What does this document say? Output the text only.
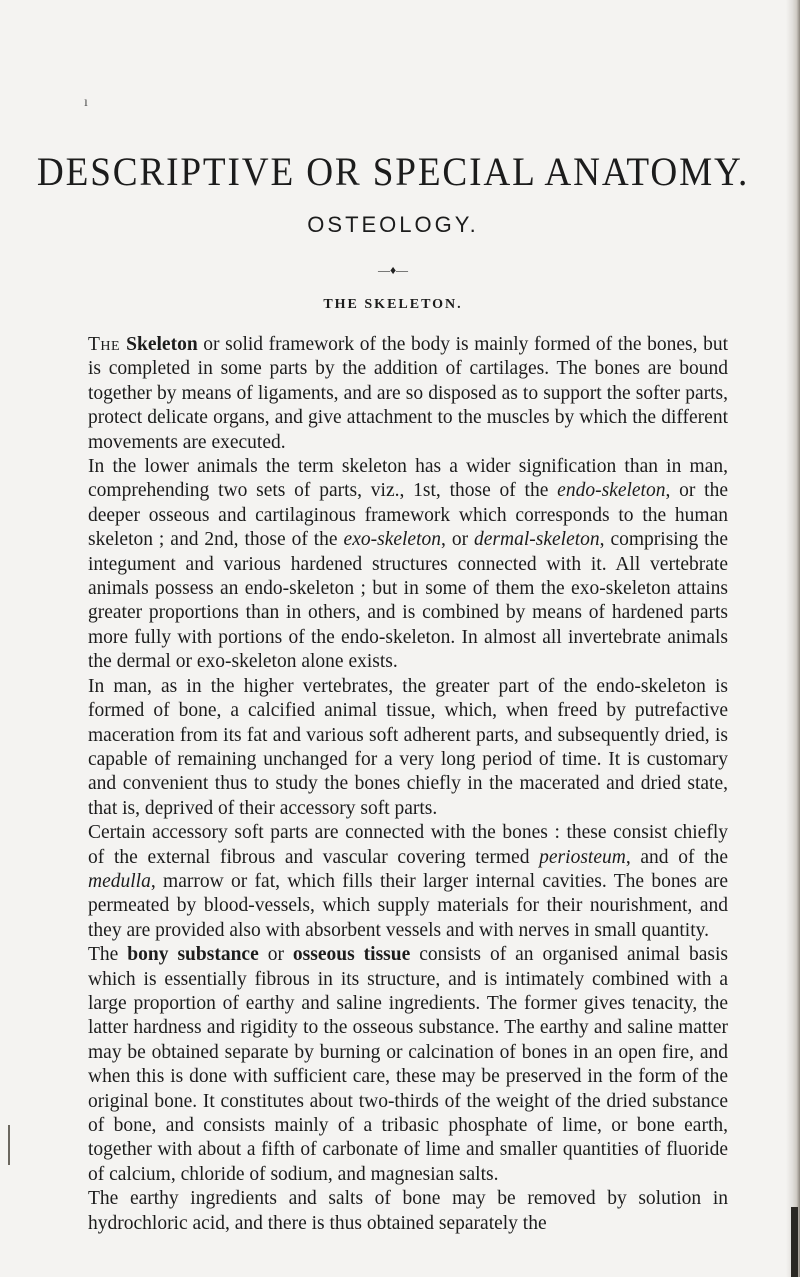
ı
DESCRIPTIVE OR SPECIAL ANATOMY.
OSTEOLOGY.
—♦—
THE SKELETON.

The Skeleton or solid framework of the body is mainly formed of the bones, but is completed in some parts by the addition of cartilages. The bones are bound together by means of ligaments, and are so disposed as to support the softer parts, protect delicate organs, and give attachment to the muscles by which the different movements are executed.

In the lower animals the term skeleton has a wider signification than in man, comprehending two sets of parts, viz., 1st, those of the endo-skeleton, or the deeper osseous and cartilaginous framework which corresponds to the human skeleton ; and 2nd, those of the exo-skeleton, or dermal-skeleton, comprising the integument and various hardened structures connected with it. All vertebrate animals possess an endo-skeleton ; but in some of them the exo-skeleton attains greater proportions than in others, and is combined by means of hardened parts more fully with portions of the endo-skeleton. In almost all invertebrate animals the dermal or exo-skeleton alone exists.

In man, as in the higher vertebrates, the greater part of the endo-skeleton is formed of bone, a calcified animal tissue, which, when freed by putrefactive maceration from its fat and various soft adherent parts, and subsequently dried, is capable of remaining unchanged for a very long period of time. It is customary and convenient thus to study the bones chiefly in the macerated and dried state, that is, deprived of their accessory soft parts.

Certain accessory soft parts are connected with the bones : these consist chiefly of the external fibrous and vascular covering termed periosteum, and of the medulla, marrow or fat, which fills their larger internal cavities. The bones are permeated by blood-vessels, which supply materials for their nourishment, and they are provided also with absorbent vessels and with nerves in small quantity.

The bony substance or osseous tissue consists of an organised animal basis which is essentially fibrous in its structure, and is intimately combined with a large proportion of earthy and saline ingredients. The former gives tenacity, the latter hardness and rigidity to the osseous substance. The earthy and saline matter may be obtained separate by burning or calcination of bones in an open fire, and when this is done with sufficient care, these may be preserved in the form of the original bone. It constitutes about two-thirds of the weight of the dried substance of bone, and consists mainly of a tribasic phosphate of lime, or bone earth, together with about a fifth of carbonate of lime and smaller quantities of fluoride of calcium, chloride of sodium, and magnesian salts.

The earthy ingredients and salts of bone may be removed by solution in hydrochloric acid, and there is thus obtained separately the
